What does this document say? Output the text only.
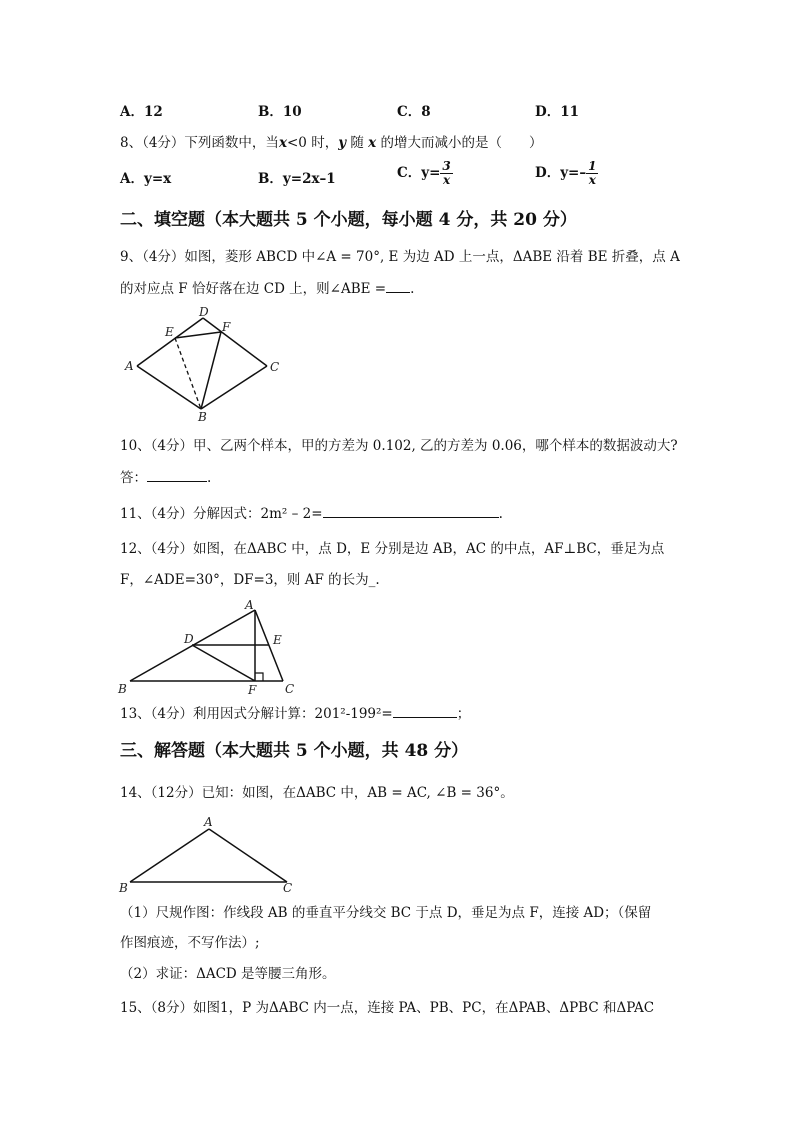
A．12	B．10	C．8	D．11
8、（4分）下列函数中，当x<0 时，y 随 x 的增大而减小的是（　　）
A．y=x	B．y=2x–1	C．$y= \frac{3}{x}$	D．$y=- \frac{1}{x}$
二、填空题（本大题共 5 个小题，每小题 4 分，共 20 分）
9、（4分）如图，菱形 ABCD 中∠A = 70°, E 为边 AD 上一点，ΔABE 沿着 BE 折叠，点 A
的对应点 F 恰好落在边 CD 上，则∠ABE = .
A
B
C
D
E	F
10、（4分）甲、乙两个样本，甲的方差为 0.102, 乙的方差为 0.06，哪个样本的数据波动大?
答：	.
11、（4分）分解因式：2m² – 2=	.
12、（4分）如图，在ΔABC 中，点 D，E 分别是边 AB，AC 的中点，AF⊥BC，垂足为点
F，∠ADE=30°，DF=3，则 AF 的长为_.
A
B	C
D	E
F
13、（4分）利用因式分解计算：201²-199²=	；
三、解答题（本大题共 5 个小题，共 48 分）
14、（12分）已知：如图，在ΔABC 中，AB = AC, ∠B = 36°。
A
B	C
（1）尺规作图：作线段 AB 的垂直平分线交 BC 于点 D，垂足为点 F，连接 AD；（保留
作图痕迹，不写作法）;
（2）求证：ΔACD 是等腰三角形。
15、（8分）如图1，P 为ΔABC 内一点，连接 PA、PB、PC，在ΔPAB、ΔPBC 和ΔPAC
